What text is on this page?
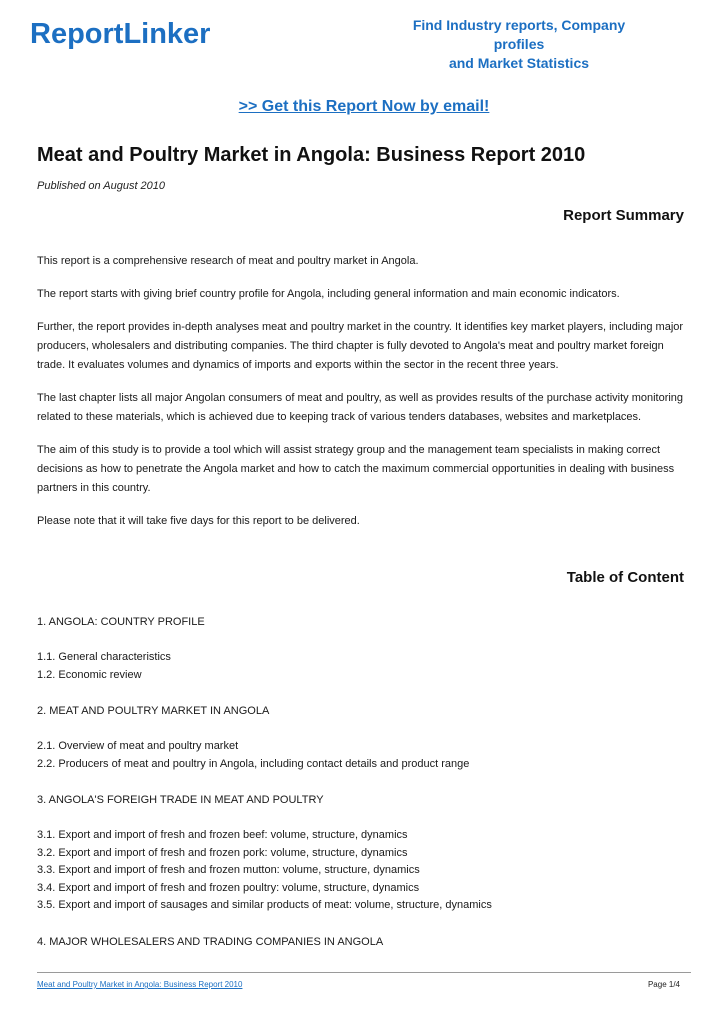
ReportLinker	Find Industry reports, Company profiles
and Market Statistics
>> Get this Report Now by email!
Meat and Poultry Market in Angola: Business Report 2010
Published on August 2010
Report Summary

This report is a comprehensive research of meat and poultry market in Angola.

The report starts with giving brief country profile for Angola, including general information and main economic indicators.

Further, the report provides in-depth analyses meat and poultry market in the country. It identifies key market players, including major producers, wholesalers and distributing companies. The third chapter is fully devoted to Angola's meat and poultry market foreign trade. It evaluates volumes and dynamics of imports and exports within the sector in the recent three years.

The last chapter lists all major Angolan consumers of meat and poultry, as well as provides results of the purchase activity monitoring related to these materials, which is achieved due to keeping track of various tenders databases, websites and marketplaces.

The aim of this study is to provide a tool which will assist strategy group and the management team specialists in making correct decisions as how to penetrate the Angola market and how to catch the maximum commercial opportunities in dealing with business partners in this country.

Please note that it will take five days for this report to be delivered.

Table of Content
1. ANGOLA: COUNTRY PROFILE
1.1. General characteristics
1.2. Economic review
2. MEAT AND POULTRY MARKET IN ANGOLA
2.1. Overview of meat and poultry market
2.2. Producers of meat and poultry in Angola, including contact details and product range
3. ANGOLA'S FOREIGH TRADE IN MEAT AND POULTRY
3.1. Export and import of fresh and frozen beef: volume, structure, dynamics
3.2. Export and import of fresh and frozen pork: volume, structure, dynamics
3.3. Export and import of fresh and frozen mutton: volume, structure, dynamics
3.4. Export and import of fresh and frozen poultry: volume, structure, dynamics
3.5. Export and import of sausages and similar products of meat: volume, structure, dynamics
4. MAJOR WHOLESALERS AND TRADING COMPANIES IN ANGOLA
Meat and Poultry Market in Angola: Business Report 2010	Page 1/4
